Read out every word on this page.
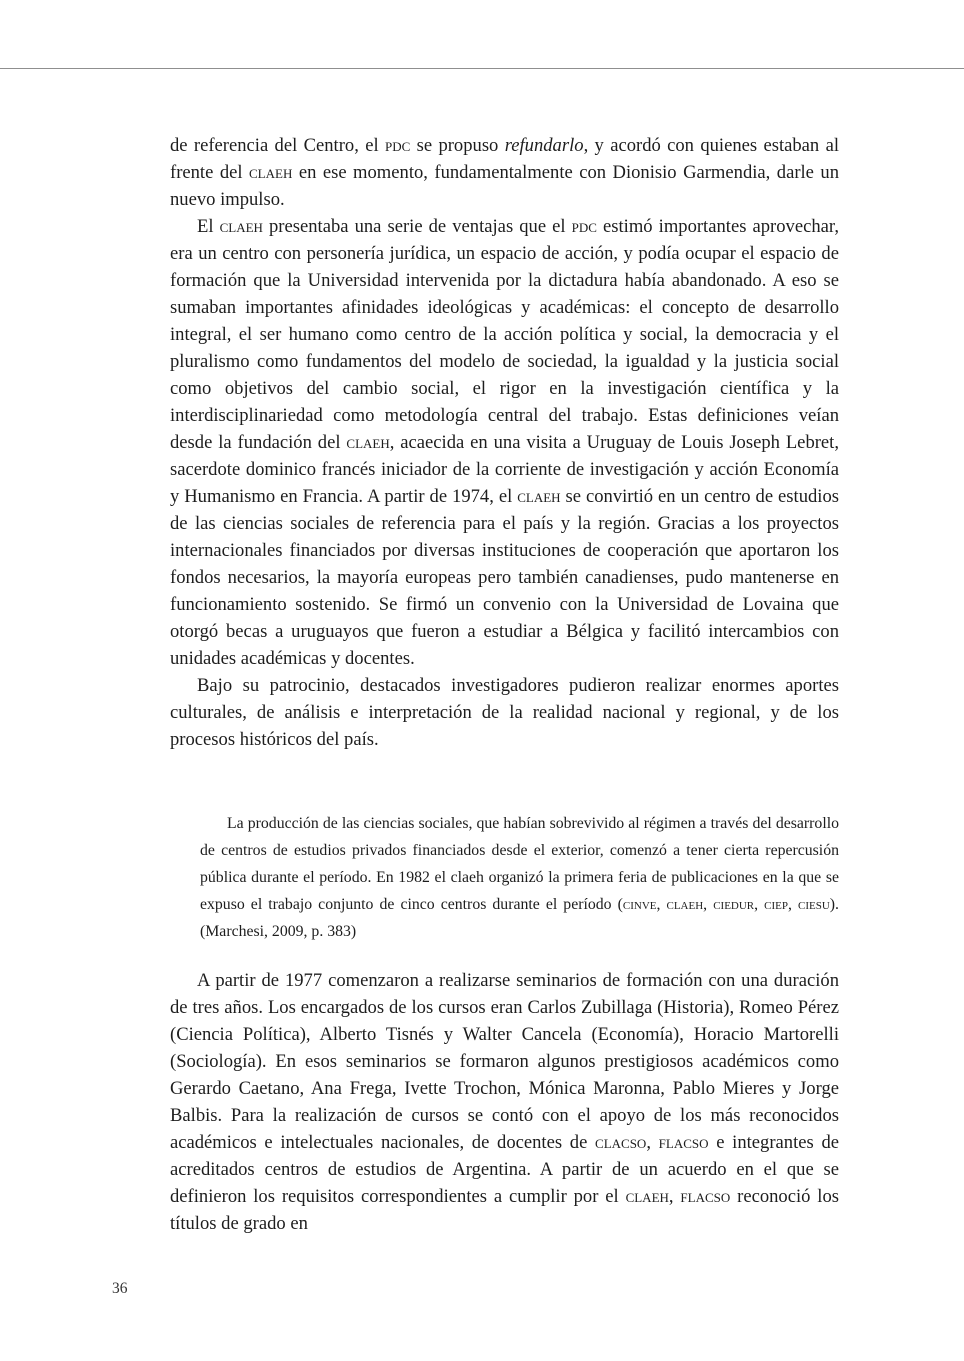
de referencia del Centro, el pdc se propuso refundarlo, y acordó con quienes estaban al frente del claeh en ese momento, fundamentalmente con Dionisio Garmendia, darle un nuevo impulso.

El claeh presentaba una serie de ventajas que el pdc estimó importantes aprovechar, era un centro con personería jurídica, un espacio de acción, y podía ocupar el espacio de formación que la Universidad intervenida por la dictadura había abandonado. A eso se sumaban importantes afinidades ideológicas y académicas: el concepto de desarrollo integral, el ser humano como centro de la acción política y social, la democracia y el pluralismo como fundamentos del modelo de sociedad, la igualdad y la justicia social como objetivos del cambio social, el rigor en la investigación científica y la interdisciplinariedad como metodología central del trabajo. Estas definiciones veían desde la fundación del claeh, acaecida en una visita a Uruguay de Louis Joseph Lebret, sacerdote dominico francés iniciador de la corriente de investigación y acción Economía y Humanismo en Francia. A partir de 1974, el claeh se convirtió en un centro de estudios de las ciencias sociales de referencia para el país y la región. Gracias a los proyectos internacionales financiados por diversas instituciones de cooperación que aportaron los fondos necesarios, la mayoría europeas pero también canadienses, pudo mantenerse en funcionamiento sostenido. Se firmó un convenio con la Universidad de Lovaina que otorgó becas a uruguayos que fueron a estudiar a Bélgica y facilitó intercambios con unidades académicas y docentes.

Bajo su patrocinio, destacados investigadores pudieron realizar enormes aportes culturales, de análisis e interpretación de la realidad nacional y regional, y de los procesos históricos del país.

La producción de las ciencias sociales, que habían sobrevivido al régimen a través del desarrollo de centros de estudios privados financiados desde el exterior, comenzó a tener cierta repercusión pública durante el período. En 1982 el claeh organizó la primera feria de publicaciones en la que se expuso el trabajo conjunto de cinco centros durante el período (cinve, claeh, ciedur, ciep, ciesu). (Marchesi, 2009, p. 383)

A partir de 1977 comenzaron a realizarse seminarios de formación con una duración de tres años. Los encargados de los cursos eran Carlos Zubillaga (Historia), Romeo Pérez (Ciencia Política), Alberto Tisnés y Walter Cancela (Economía), Horacio Martorelli (Sociología). En esos seminarios se formaron algunos prestigiosos académicos como Gerardo Caetano, Ana Frega, Ivette Trochon, Mónica Maronna, Pablo Mieres y Jorge Balbis. Para la realización de cursos se contó con el apoyo de los más reconocidos académicos e intelectuales nacionales, de docentes de clacso, flacso e integrantes de acreditados centros de estudios de Argentina. A partir de un acuerdo en el que se definieron los requisitos correspondientes a cumplir por el claeh, flacso reconoció los títulos de grado en

36
